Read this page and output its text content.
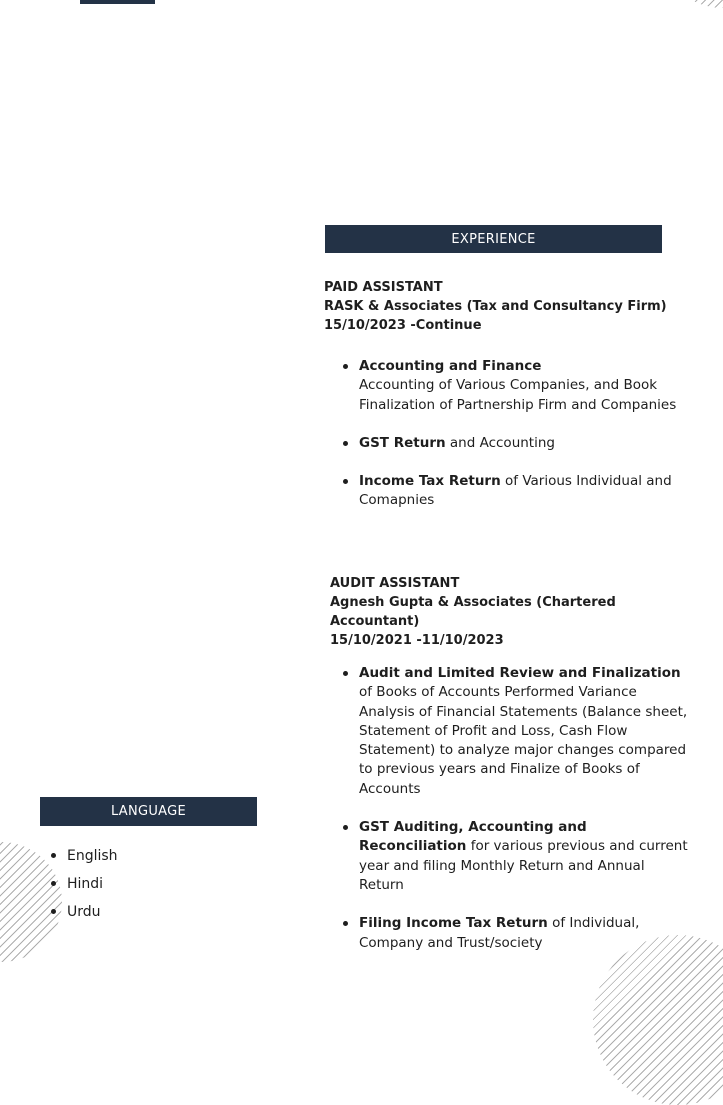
EXPERIENCE
PAID ASSISTANT
RASK & Associates (Tax and Consultancy Firm)
15/10/2023 -Continue
Accounting and Finance
Accounting of Various Companies, and Book Finalization of Partnership Firm and Companies
GST Return and Accounting
Income Tax Return of Various Individual and Comapnies
AUDIT ASSISTANT
Agnesh Gupta & Associates (Chartered Accountant)
15/10/2021 -11/10/2023
Audit and Limited Review and Finalization of Books of Accounts Performed Variance Analysis of Financial Statements (Balance sheet, Statement of Profit and Loss, Cash Flow Statement) to analyze major changes compared to previous years and Finalize of Books of Accounts
GST Auditing, Accounting and Reconciliation for various previous and current year and filing Monthly Return and Annual Return
Filing Income Tax Return of Individual, Company and Trust/society
LANGUAGE
English
Hindi
Urdu
